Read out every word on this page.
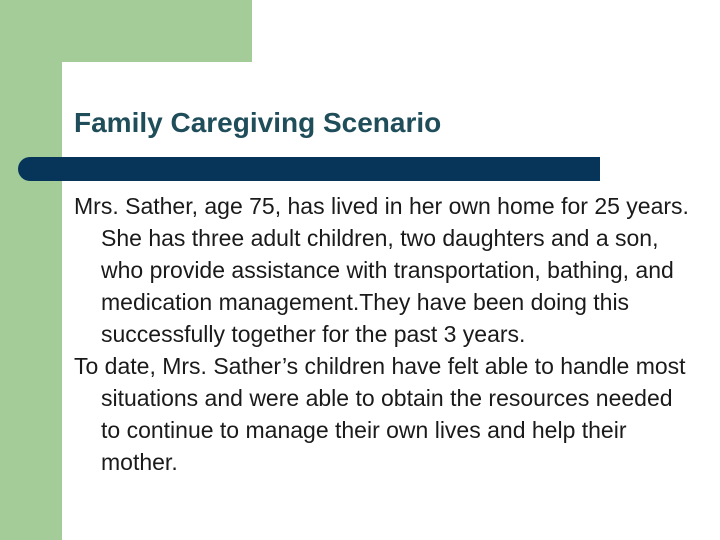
Family Caregiving Scenario

Mrs. Sather, age 75, has lived in her own home for 25 years. She has three adult children, two daughters and a son, who provide assistance with transportation, bathing, and medication management.They have been doing this successfully together for the past 3 years.

To date, Mrs. Sather’s children have felt able to handle most situations and were able to obtain the resources needed to continue to manage their own lives and help their mother.
